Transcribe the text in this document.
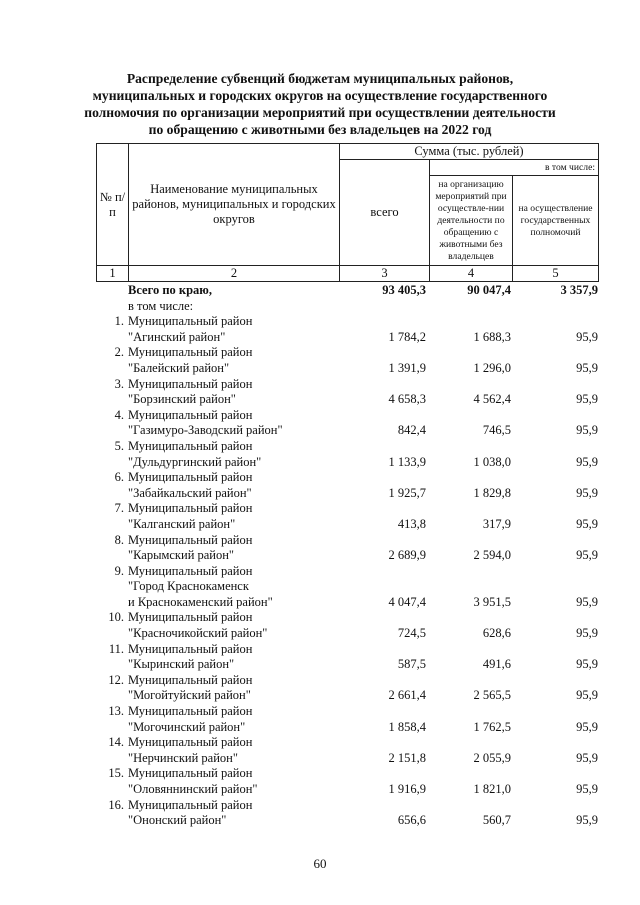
Распределение субвенций бюджетам муниципальных районов,
муниципальных и городских округов на осуществление государственного
полномочия по организации мероприятий при осуществлении деятельности
по обращению с животными без владельцев на 2022 год
№ п/п	Наименование муниципальных районов, муниципальных и городских округов	Сумма (тыс. рублей)		
		всего	в том числе:	
			на организацию мероприятий при осуществле-нии деятельности по обращению с животными без владельцев	на осуществление государственных полномочий
1	2	3	4	5
Всего по краю,	93 405,3	90 047,4	3 357,9
в том числе:
1. Муниципальный район
"Агинский район"	1 784,2	1 688,3	95,9
2. Муниципальный район
"Балейский район"	1 391,9	1 296,0	95,9
3. Муниципальный район
"Борзинский район"	4 658,3	4 562,4	95,9
4. Муниципальный район
"Газимуро-Заводский район"	842,4	746,5	95,9
5. Муниципальный район
"Дульдургинский район"	1 133,9	1 038,0	95,9
6. Муниципальный район
"Забайкальский район"	1 925,7	1 829,8	95,9
7. Муниципальный район
"Калганский район"	413,8	317,9	95,9
8. Муниципальный район
"Карымский район"	2 689,9	2 594,0	95,9
9. Муниципальный район
"Город Краснокаменск
и Краснокаменский район"	4 047,4	3 951,5	95,9
10. Муниципальный район
"Красночикойский район"	724,5	628,6	95,9
11. Муниципальный район
"Кыринский район"	587,5	491,6	95,9
12. Муниципальный район
"Могойтуйский район"	2 661,4	2 565,5	95,9
13. Муниципальный район
"Могочинский район"	1 858,4	1 762,5	95,9
14. Муниципальный район
"Нерчинский район"	2 151,8	2 055,9	95,9
15. Муниципальный район
"Оловяннинский район"	1 916,9	1 821,0	95,9
16. Муниципальный район
"Ононский район"	656,6	560,7	95,9
60
